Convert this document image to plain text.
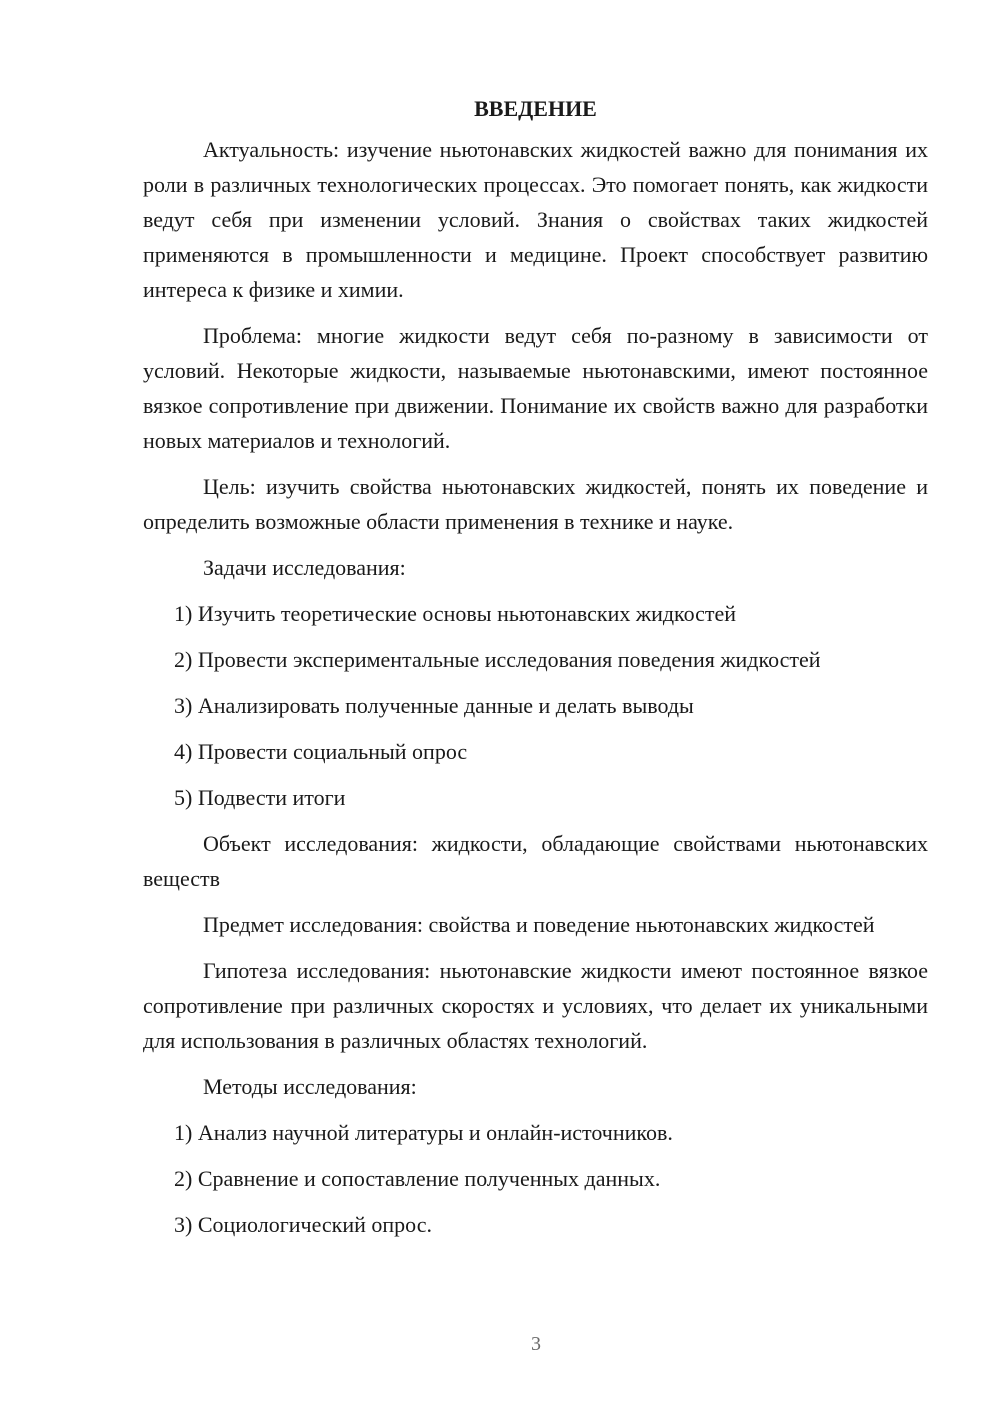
ВВЕДЕНИЕ

Актуальность: изучение ньютонавских жидкостей важно для понимания их роли в различных технологических процессах. Это помогает понять, как жидкости ведут себя при изменении условий. Знания о свойствах таких жидкостей применяются в промышленности и медицине. Проект способствует развитию интереса к физике и химии.

Проблема: многие жидкости ведут себя по-разному в зависимости от условий. Некоторые жидкости, называемые ньютонавскими, имеют постоянное вязкое сопротивление при движении. Понимание их свойств важно для разработки новых материалов и технологий.

Цель: изучить свойства ньютонавских жидкостей, понять их поведение и определить возможные области применения в технике и науке.

Задачи исследования:

1) Изучить теоретические основы ньютонавских жидкостей
2) Провести экспериментальные исследования поведения жидкостей
3) Анализировать полученные данные и делать выводы
4) Провести социальный опрос
5) Подвести итоги

Объект исследования: жидкости, обладающие свойствами ньютонавских веществ

Предмет исследования: свойства и поведение ньютонавских жидкостей

Гипотеза исследования: ньютонавские жидкости имеют постоянное вязкое сопротивление при различных скоростях и условиях, что делает их уникальными для использования в различных областях технологий.

Методы исследования:

1) Анализ научной литературы и онлайн-источников.
2) Сравнение и сопоставление полученных данных.
3) Социологический опрос.
3
